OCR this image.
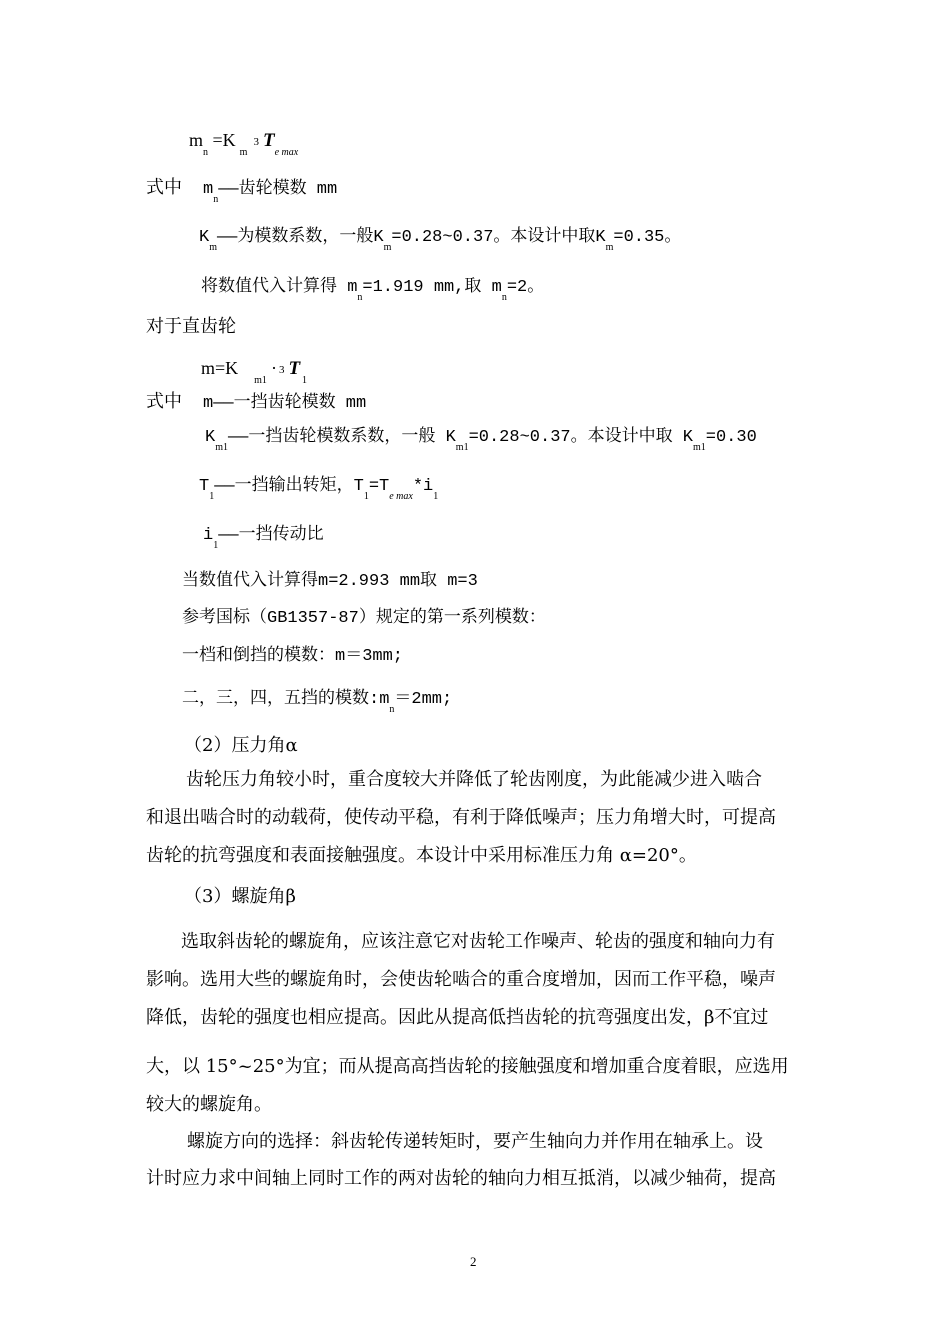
$m_n =K_m3$ $T_{e max}$
式中 $m_n——$齿轮模数 mm
$K_m——$为模数系数，一般$K_m=0.28\sim 0.37$。本设计中取$K_m=0.35$。
将数值代入计算得 $m_n=1.919$ mm,取 $m_n=2$。
对于直齿轮
$m=K_{m1}\cdot 3$ $T_1$
式中 m——一挡齿轮模数 mm
$K_{m1}——$一挡齿轮模数系数，一般 $K_{m1}=0.28\sim 0.37$。本设计中取 $K_{m1}=0.30$
$T_1——$一挡输出转矩，$T_1=T_{e max}*i_1$
$i_1——$一挡传动比
当数值代入计算得m=2.993 mm取 m=3
参考国标（GB1357-87）规定的第一系列模数：
一档和倒挡的模数：m＝3mm;
二，三，四，五挡的模数$:m_n=2mm$;
（2）压力角α
齿轮压力角较小时，重合度较大并降低了轮齿刚度，为此能减少进入啮合
和退出啮合时的动载荷，使传动平稳，有利于降低噪声；压力角增大时，可提高
齿轮的抗弯强度和表面接触强度。本设计中采用标准压力角 α=20°。
（3）螺旋角β
选取斜齿轮的螺旋角，应该注意它对齿轮工作噪声、轮齿的强度和轴向力有
影响。选用大些的螺旋角时，会使齿轮啮合的重合度增加，因而工作平稳，噪声
降低，齿轮的强度也相应提高。因此从提高低挡齿轮的抗弯强度出发，β不宜过
大，以 15°~25°为宜；而从提高高挡齿轮的接触强度和增加重合度着眼，应选用
较大的螺旋角。
螺旋方向的选择：斜齿轮传递转矩时，要产生轴向力并作用在轴承上。设
计时应力求中间轴上同时工作的两对齿轮的轴向力相互抵消，以减少轴荷，提高
2
